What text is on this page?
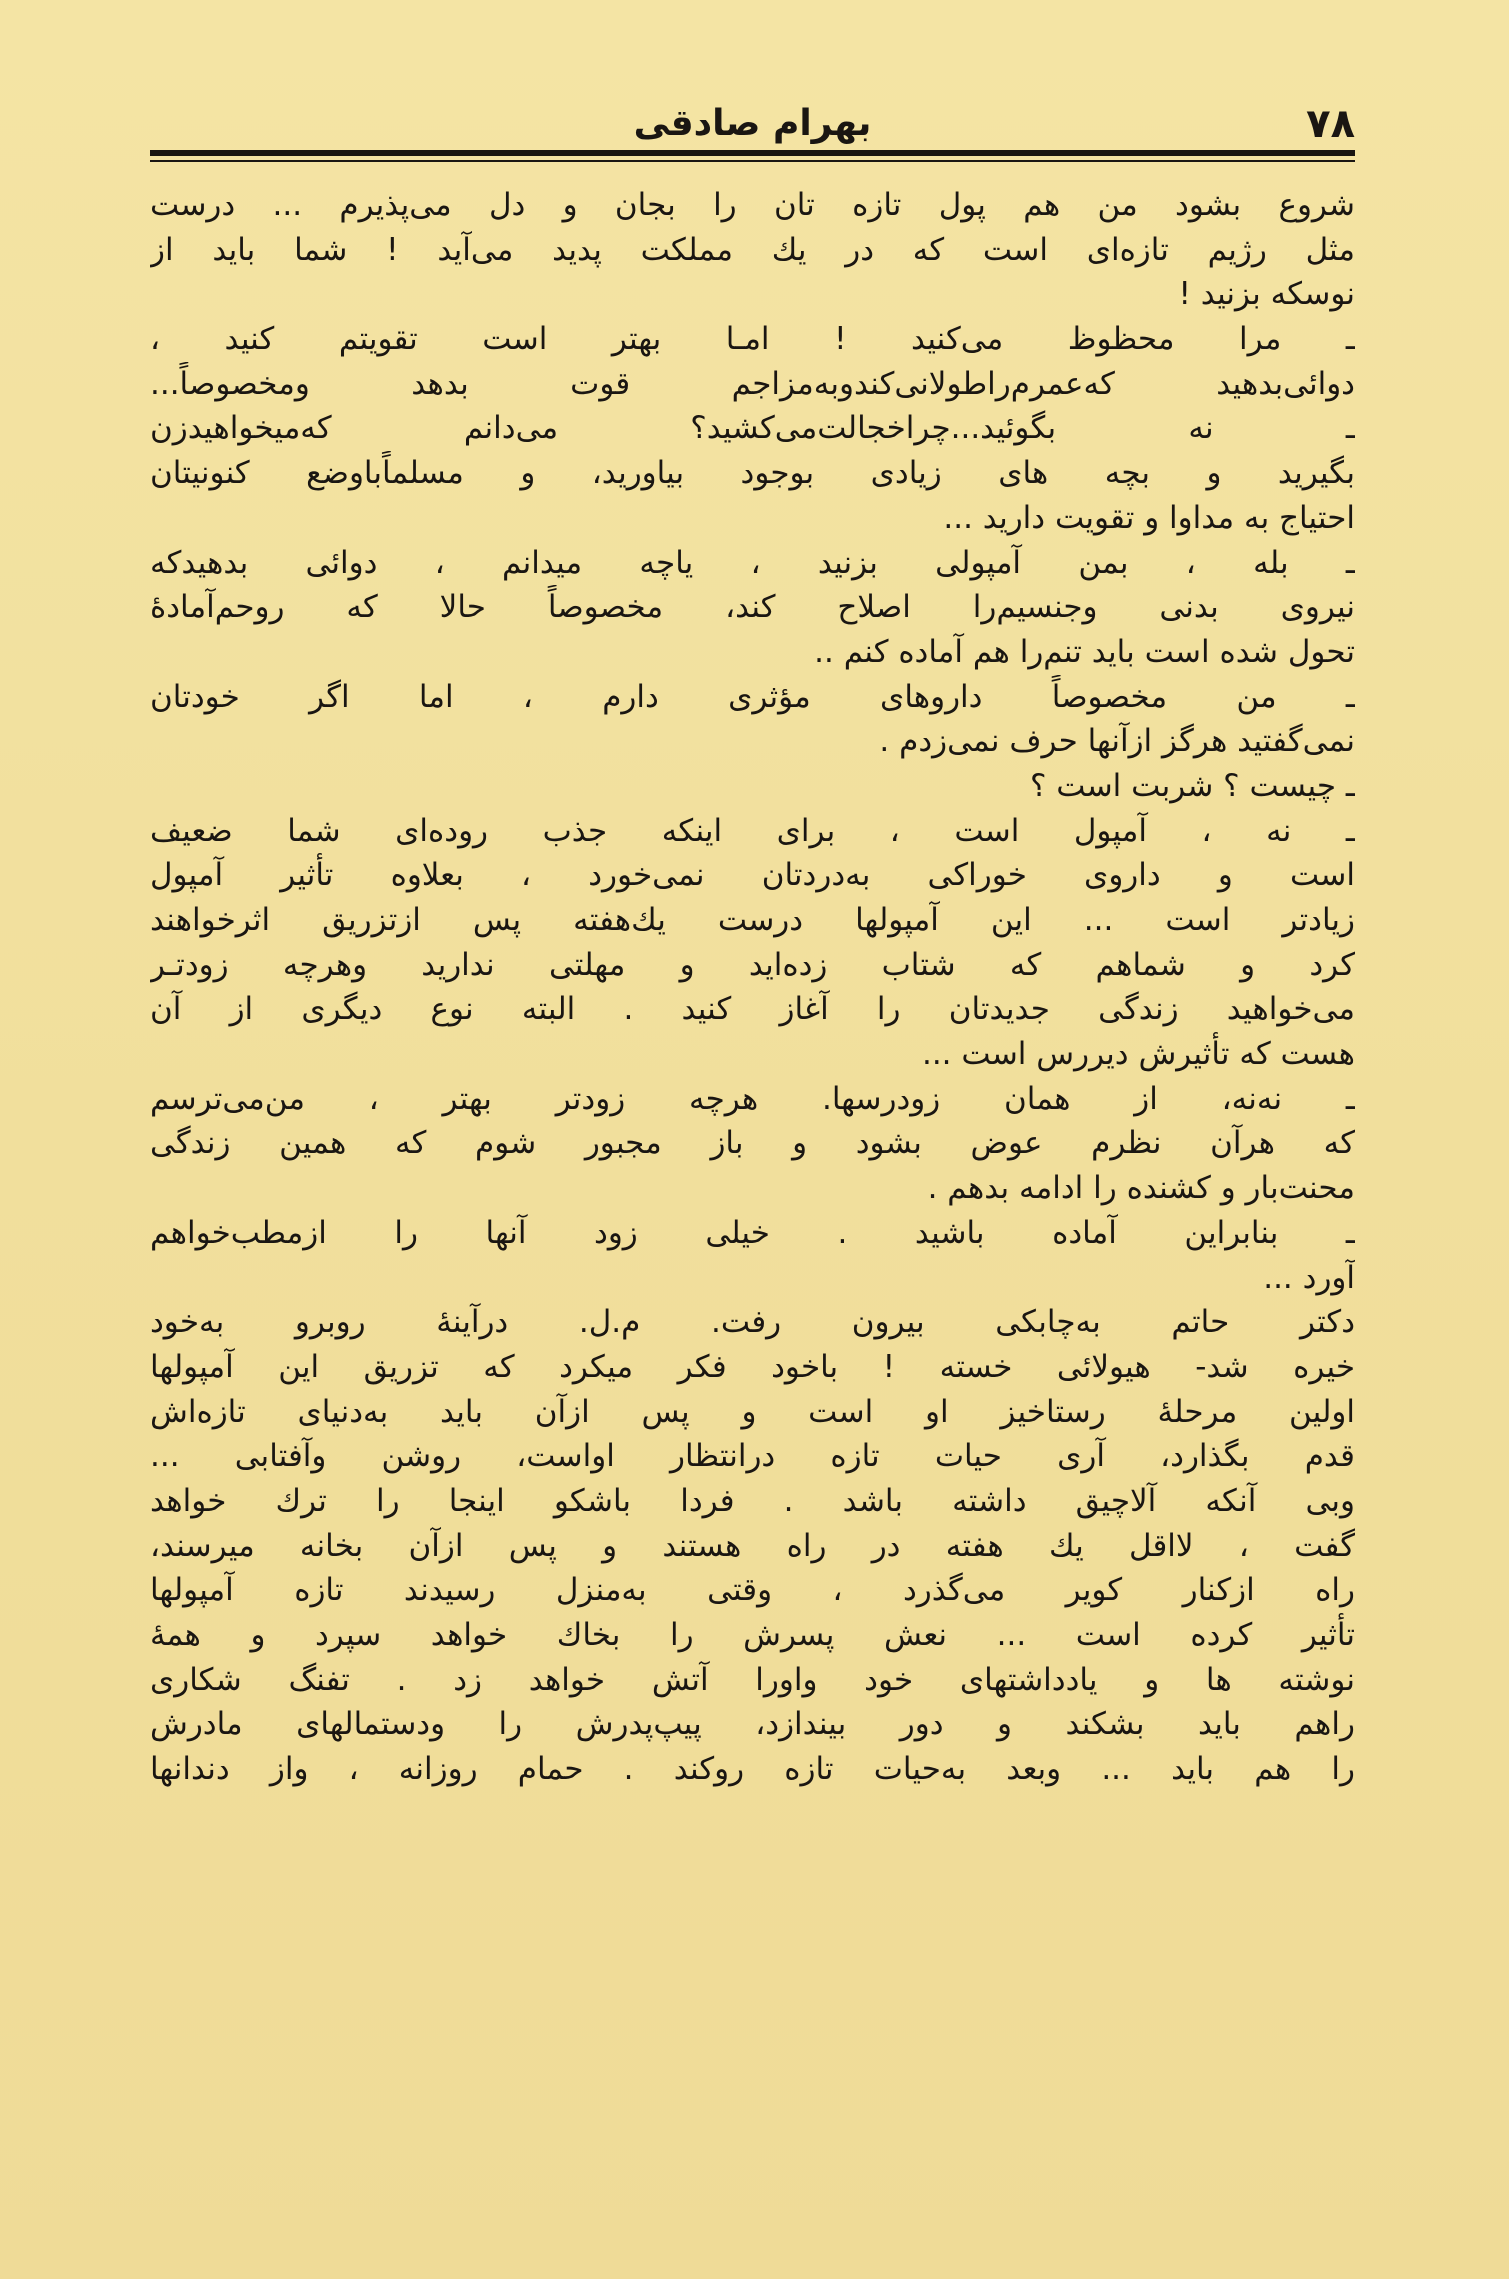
۷۸
بهرام صادقی
شروع بشود من هم پول تازه تان را بجان و دل می‌پذیرم ... درست
مثل رژیم تازه‌ای است که در یك مملکت پدید می‌آید ! شما باید از
نوسکه بزنید !
ـ مرا محظوظ می‌کنید ! امـا بهتر است تقویتم کنید ،
دوائی‌بدهید که‌عمرم‌راطولانی‌کندوبه‌مزاجم قوت بدهد ومخصوصاً...
ـ نه بگوئید...چراخجالت‌می‌کشید؟ می‌دانم که‌میخواهیدزن
بگیرید و بچه های زیادی بوجود بیاورید، و مسلماًباوضع کنونیتان
احتیاج به مداوا و تقویت دارید ...
ـ بله ، بمن آمپولی بزنید ، یاچه میدانم ، دوائی بدهیدکه
نیروی بدنی وجنسیم‌را اصلاح کند، مخصوصاً حالا که روحم‌آمادهٔ
تحول شده است باید تنم‌را هم آماده کنم ..
ـ من مخصوصاً داروهای مؤثری دارم ، اما اگر خودتان
نمی‌گفتید هرگز ازآنها حرف نمی‌زدم .
ـ چیست ؟ شربت است ؟
ـ نه ، آمپول است ، برای اینکه جذب روده‌ای شما ضعیف
است و داروی خوراکی به‌دردتان نمی‌خورد ، بعلاوه تأثیر آمپول
زیادتر است ... این آمپولها درست یك‌هفته پس ازتزریق اثرخواهند
کرد و شماهم که شتاب زده‌اید و مهلتی ندارید وهرچه زودتـر
می‌خواهید زندگی جدیدتان را آغاز کنید . البته نوع دیگری از آن
هست که تأثیرش دیررس است ...
ـ نه‌نه، از همان زودرسها. هرچه زودتر بهتر ، من‌می‌ترسم
که هرآن نظرم عوض بشود و باز مجبور شوم که همین زندگی
محنت‌بار و کشنده را ادامه بدهم .
ـ بنابراین آماده باشید . خیلی زود آنها را ازمطب‌خواهم
آورد ...
دکتر حاتم به‌چابکی بیرون رفت. م.ل. درآینهٔ روبرو به‌خود
خیره شد- هیولائی خسته ! باخود فکر میکرد که تزریق این آمپولها
اولین مرحلهٔ رستاخیز او است و پس ازآن باید به‌دنیای تازه‌اش
قدم بگذارد، آری حیات تازه درانتظار اواست، روشن وآفتابی ...
وبی آنکه آلاچیق داشته باشد . فردا باشکو اینجا را ترك خواهد
گفت ، لااقل یك هفته در راه هستند و پس ازآن بخانه میرسند،
راه ازکنار کویر می‌گذرد ، وقتی به‌منزل رسیدند تازه آمپولها
تأثیر کرده است ... نعش پسرش را بخاك خواهد سپرد و همهٔ
نوشته ها و یادداشتهای خود واورا آتش خواهد زد . تفنگ شکاری
راهم باید بشکند و دور بیندازد، پیپ‌پدرش را ودستمالهای مادرش
را هم باید ... وبعد به‌حیات تازه روکند . حمام روزانه ، واز دندانها
